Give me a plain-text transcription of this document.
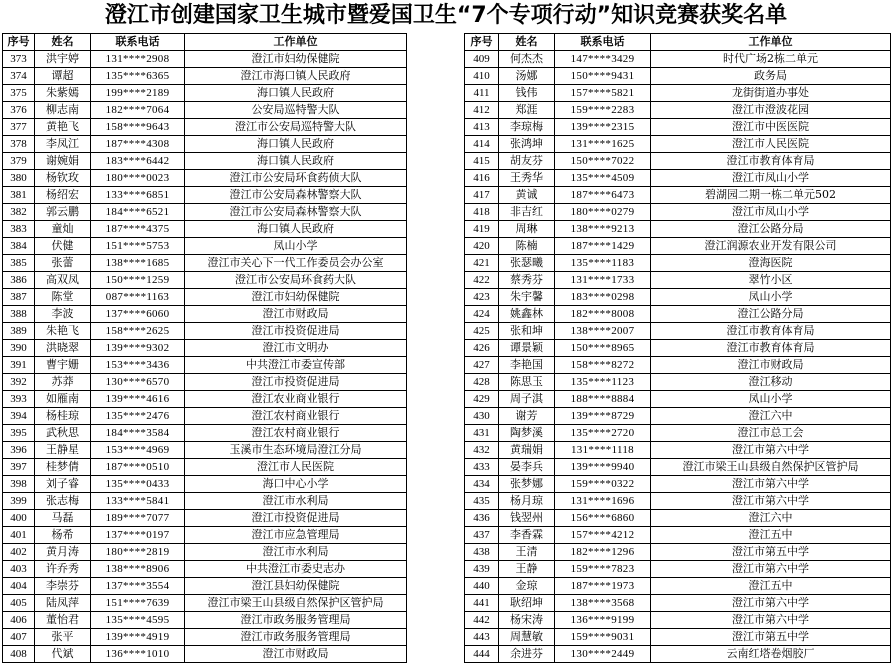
澄江市创建国家卫生城市暨爱国卫生“7个专项行动”知识竞赛获奖名单
序号	姓名	联系电话	工作单位
373	洪宇婷	131****2908	澄江市妇幼保健院
374	谭超	135****6365	澄江市海口镇人民政府
375	朱紫嫣	199****2189	海口镇人民政府
376	柳志南	182****7064	公安局巡特警大队
377	黄艳飞	158****9643	澄江市公安局巡特警大队
378	李凤江	187****4308	海口镇人民政府
379	谢婉娟	183****6442	海口镇人民政府
380	杨钦玫	180****0023	澄江市公安局环食药侦大队
381	杨绍宏	133****6851	澄江市公安局森林警察大队
382	郭云鹏	184****6521	澄江市公安局森林警察大队
383	童灿	187****4375	海口镇人民政府
384	伏健	151****5753	凤山小学
385	张蕾	138****1685	澄江市关心下一代工作委员会办公室
386	高双凤	150****1259	澄江市公安局环食药大队
387	陈堂	087****1163	澄江市妇幼保健院
388	李波	137****6060	澄江市财政局
389	朱艳飞	158****2625	澄江市投资促进局
390	洪晓翠	139****9302	澄江市文明办
391	曹宇姗	153****3436	中共澄江市委宣传部
392	苏莽	130****6570	澄江市投资促进局
393	如雁南	139****4616	澄江农业商业银行
394	杨桂琼	135****2476	澄江农村商业银行
395	武秋思	184****3584	澄江农村商业银行
396	王静星	153****4969	玉溪市生态环境局澄江分局
397	桂梦倩	187****0510	澄江市人民医院
398	刘子睿	135****0433	海口中心小学
399	张志梅	133****5841	澄江市水利局
400	马磊	189****7077	澄江市投资促进局
401	杨希	137****0197	澄江市应急管理局
402	黄月涛	180****2819	澄江市水利局
403	许乔秀	138****8906	中共澄江市委史志办
404	李崇芬	137****3554	澄江县妇幼保健院
405	陆凤萍	151****7639	澄江市梁王山县级自然保护区管护局
406	董怡君	135****4595	澄江市政务服务管理局
407	张平	139****4919	澄江市政务服务管理局
408	代斌	136****1010	澄江市财政局
序号	姓名	联系电话	工作单位
409	何杰杰	147****3429	时代广场2栋二单元
410	汤娜	150****9431	政务局
411	钱伟	157****5821	龙街街道办事处
412	郑涯	159****2283	澄江市澄波花园
413	李琼梅	139****2315	澄江市中医医院
414	张鸿坤	131****1625	澄江市人民医院
415	胡友芬	150****7022	澄江市教育体育局
416	王秀华	135****4509	澄江市凤山小学
417	黄诚	187****6473	碧湖园二期一栋二单元502
418	非吉红	180****0279	澄江市凤山小学
419	周琳	138****9213	澄江公路分局
420	陈楠	187****1429	澄江润源农业开发有限公司
421	张瑟曦	135****1183	澄海医院
422	蔡秀芬	131****1733	翠竹小区
423	朱宇馨	183****0298	凤山小学
424	姚鑫林	182****8008	澄江公路分局
425	张和坤	138****2007	澄江市教育体育局
426	谭景颖	150****8965	澄江市教育体育局
427	李艳国	158****8272	澄江市财政局
428	陈思玉	135****1123	澄江移动
429	周子淇	188****8884	凤山小学
430	谢芳	139****8729	澄江六中
431	陶梦溪	135****2720	澄江市总工会
432	黄瑞娟	131****1118	澄江市第六中学
433	晏李兵	139****9940	澄江市梁王山县级自然保护区管护局
434	张梦娜	159****0322	澄江市第六中学
435	杨月琼	131****1696	澄江市第六中学
436	钱翌州	156****6860	澄江六中
437	李香霖	157****4212	澄江五中
438	王清	182****1296	澄江市第五中学
439	王静	159****7823	澄江市第六中学
440	金琼	187****1973	澄江五中
441	耿绍坤	138****3568	澄江市第六中学
442	杨宋涛	136****9199	澄江市第六中学
443	周慧敏	159****9031	澄江市第五中学
444	余进芬	130****2449	云南红塔卷烟胶厂
